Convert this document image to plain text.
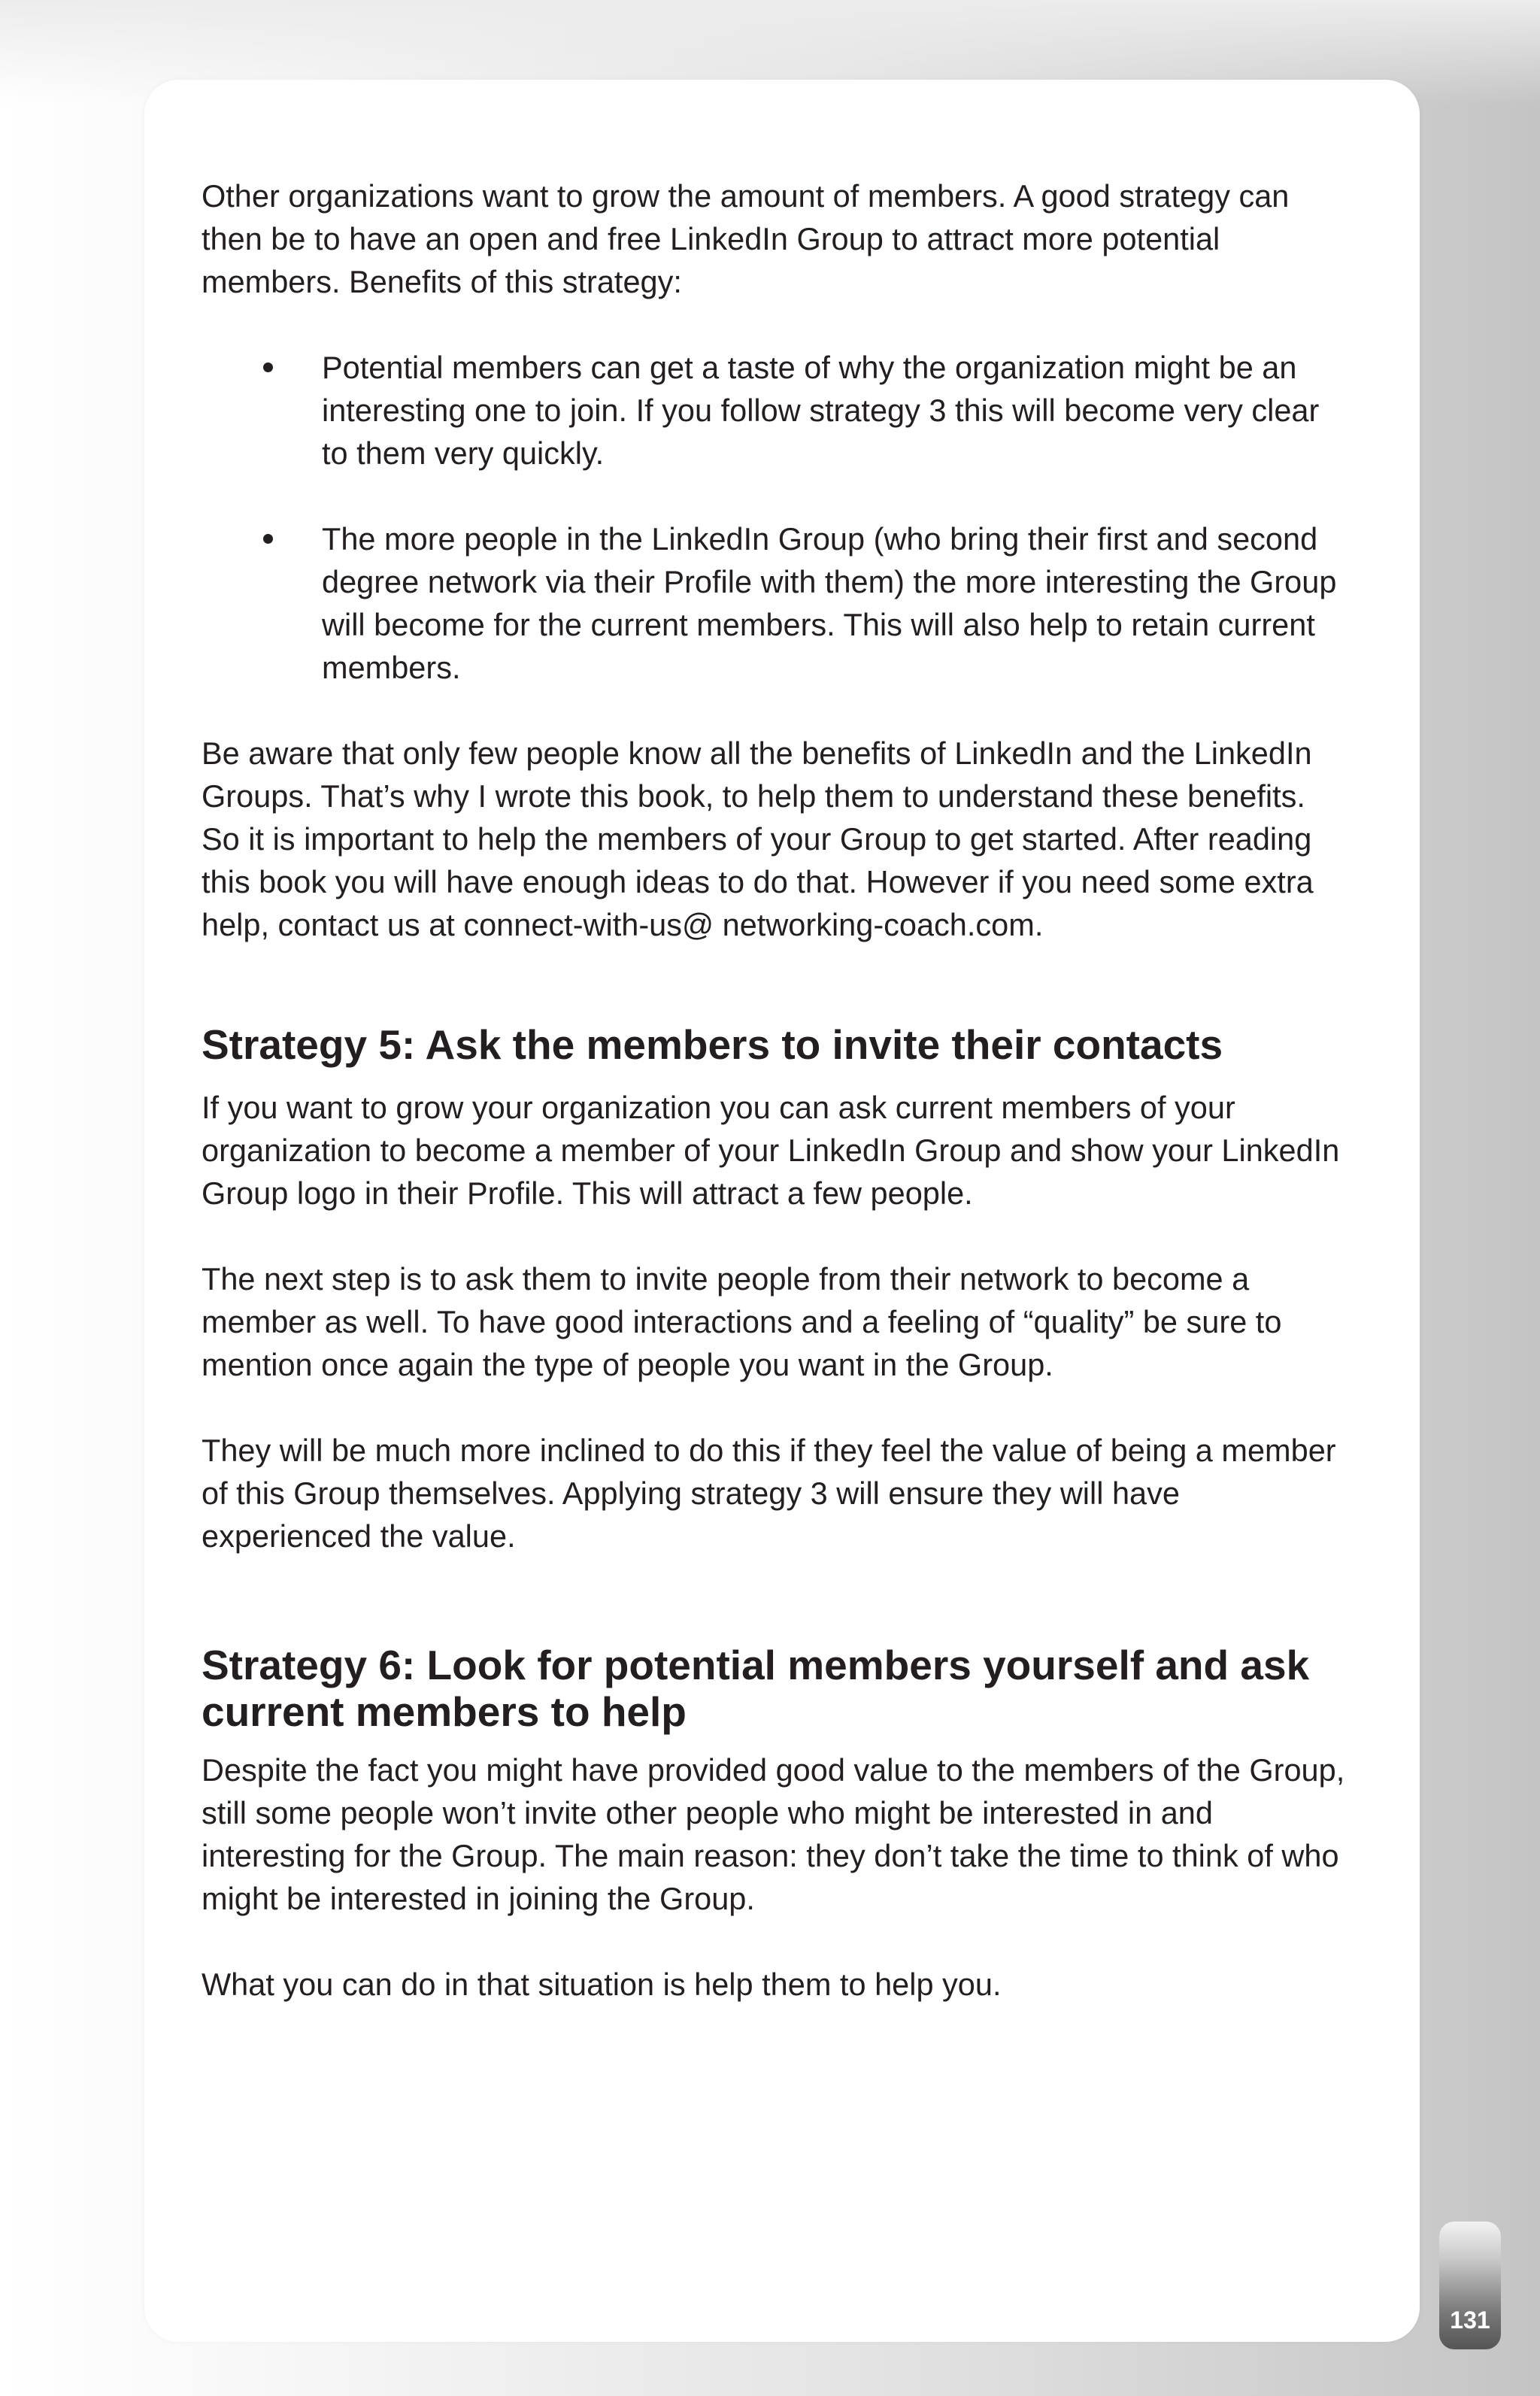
Other organizations want to grow the amount of members. A good strategy can then be to have an open and free LinkedIn Group to attract more potential members. Benefits of this strategy:

Potential members can get a taste of why the organization might be an interesting one to join. If you follow strategy 3 this will become very clear to them very quickly.
The more people in the LinkedIn Group (who bring their first and second degree network via their Profile with them) the more interesting the Group will become for the current members. This will also help to retain current members.

Be aware that only few people know all the benefits of LinkedIn and the LinkedIn Groups. That’s why I wrote this book, to help them to understand these benefits. So it is important to help the members of your Group to get started. After reading this book you will have enough ideas to do that. However if you need some extra help, contact us at connect-with-us@ networking-coach.com.

Strategy 5: Ask the members to invite their contacts

If you want to grow your organization you can ask current members of your organization to become a member of your LinkedIn Group and show your LinkedIn Group logo in their Profile. This will attract a few people.

The next step is to ask them to invite people from their network to become a member as well. To have good interactions and a feeling of “quality” be sure to mention once again the type of people you want in the Group.

They will be much more inclined to do this if they feel the value of being a member of this Group themselves. Applying strategy 3 will ensure they will have experienced the value.

Strategy 6: Look for potential members yourself and ask current members to help

Despite the fact you might have provided good value to the members of the Group, still some people won’t invite other people who might be interested in and interesting for the Group. The main reason: they don’t take the time to think of who might be interested in joining the Group.

What you can do in that situation is help them to help you.

131
